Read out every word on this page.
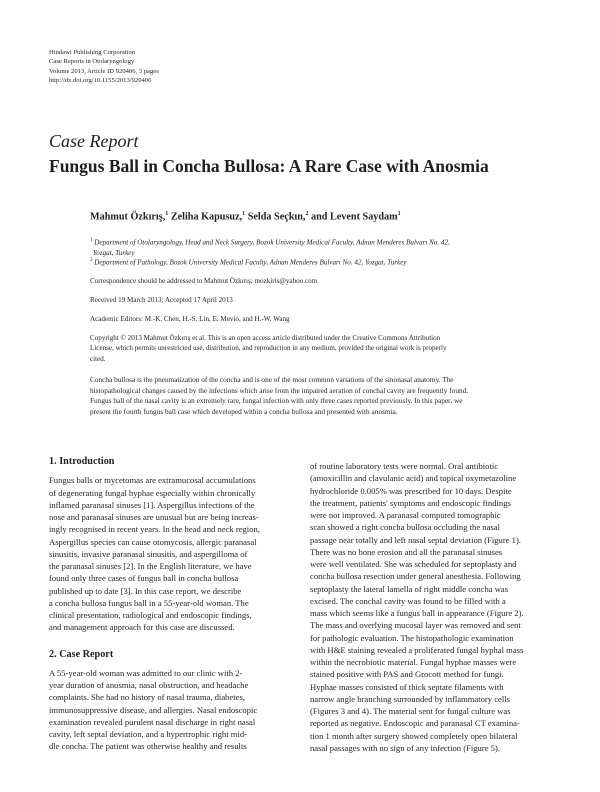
Hindawi Publishing Corporation
Case Reports in Otolaryngology
Volume 2013, Article ID 920406, 3 pages
http://dx.doi.org/10.1155/2013/920406
Case Report
Fungus Ball in Concha Bullosa: A Rare Case with Anosmia
Mahmut Özkırış,$^1$ Zeliha Kapusuz,$^1$ Selda Seçkın,$^2$ and Levent Saydam$^1$
$^1$ Department of Otolaryngology, Head and Neck Surgery, Bozok University Medical Faculty, Adnan Menderes Bulvarı No. 42,
Yozgat, Turkey
$^2$ Department of Pathology, Bozok University Medical Faculty, Adnan Menderes Bulvarı No. 42, Yozgat, Turkey
Correspondence should be addressed to Mahmut Özkırış; mozkiris@yahoo.com
Received 19 March 2013; Accepted 17 April 2013
Academic Editors: M.-K. Chen, H.-S. Lin, E. Mevio, and H.-W. Wang
Copyright © 2013 Mahmut Özkırış et al. This is an open access article distributed under the Creative Commons Attribution
License, which permits unrestricted use, distribution, and reproduction in any medium, provided the original work is properly
cited.
Concha bullosa is the pneumatization of the concha and is one of the most common variations of the sinonasal anatomy. The
histopathological changes caused by the infections which arise from the impaired aeration of conchal cavity are frequently found.
Fungus ball of the nasal cavity is an extremely rare, fungal infection with only three cases reported previously. In this paper, we
present the fourth fungus ball case which developed within a concha bullosa and presented with anosmia.
1. Introduction
Fungus balls or mycetomas are extramucosal accumulations
of degenerating fungal hyphae especially within chronically
inflamed paranasal sinuses [1]. Aspergillus infections of the
nose and paranasal sinuses are unusual but are being increas-
ingly recognised in recent years. In the head and neck region,
Aspergillus species can cause otomycosis, allergic paranasal
sinusitis, invasive paranasal sinusitis, and aspergilloma of
the paranasal sinuses [2]. In the English literature, we have
found only three cases of fungus ball in concha bullosa
published up to date [3]. In this case report, we describe
a concha bullosa fungus ball in a 55-year-old woman. The
clinical presentation, radiological and endoscopic findings,
and management approach for this case are discussed.
2. Case Report
A 55-year-old woman was admitted to our clinic with 2-
year duration of anosmia, nasal obstruction, and headache
complaints. She had no history of nasal trauma, diabetes,
immunosuppressive disease, and allergies. Nasal endoscopic
examination revealed purulent nasal discharge in right nasal
cavity, left septal deviation, and a hypertrophic right mid-
dle concha. The patient was otherwise healthy and results
of routine laboratory tests were normal. Oral antibiotic
(amoxicillin and clavulanic acid) and topical oxymetazoline
hydrochloride 0.005% was prescribed for 10 days. Despite
the treatment, patients' symptoms and endoscopic findings
were not improved. A paranasal computed tomographic
scan showed a right concha bullosa occluding the nasal
passage near totally and left nasal septal deviation (Figure 1).
There was no bone erosion and all the paranasal sinuses
were well ventilated. She was scheduled for septoplasty and
concha bullosa resection under general anesthesia. Following
septoplasty the lateral lamella of right middle concha was
excised. The conchal cavity was found to be filled with a
mass which seems like a fungus ball in appearance (Figure 2).
The mass and overlying mucosal layer was removed and sent
for pathologic evaluation. The histopathologic examination
with H&E staining revealed a proliferated fungal hyphal mass
within the necrobiotic material. Fungal hyphae masses were
stained positive with PAS and Grocott method for fungi.
Hyphae masses consisted of thick septate filaments with
narrow angle branching surrounded by inflammatory cells
(Figures 3 and 4). The material sent for fungal culture was
reported as negative. Endoscopic and paranasal CT examina-
tion 1 month after surgery showed completely open bilateral
nasal passages with no sign of any infection (Figure 5).
